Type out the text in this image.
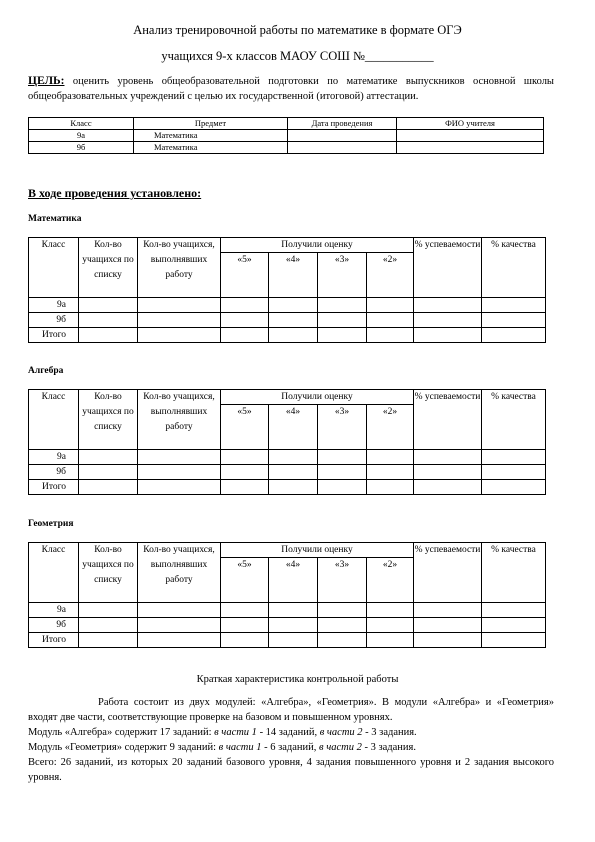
Анализ тренировочной работы по математике в формате ОГЭ
учащихся 9-х классов МАОУ СОШ №___________
ЦЕЛЬ: оценить уровень общеобразовательной подготовки по математике выпускников основной школы общеобразовательных учреждений с целью их государственной (итоговой) аттестации.
Класс	Предмет	Дата проведения	ФИО учителя
9а	Математика		
9б	Математика		
В ходе проведения установлено:
Математика
Класс	Кол-во учащихся по списку	Кол-во учащихся, выполнявших работу	Получили оценку				% успеваемости	% качества
			«5»	«4»	«3»	«2»		
9а								
9б								
Итого								
Алгебра
Класс	Кол-во учащихся по списку	Кол-во учащихся, выполнявших работу	Получили оценку				% успеваемости	% качества
			«5»	«4»	«3»	«2»		
9а								
9б								
Итого								
Геометрия
Класс	Кол-во учащихся по списку	Кол-во учащихся, выполнявших работу	Получили оценку				% успеваемости	% качества
			«5»	«4»	«3»	«2»		
9а								
9б								
Итого								
Краткая характеристика контрольной работы
Работа состоит из двух модулей: «Алгебра», «Геометрия». В модули «Алгебра» и «Геометрия» входят две части, соответствующие проверке на базовом и повышенном уровнях.
Модуль «Алгебра» содержит 17 заданий: в части 1 - 14 заданий, в части 2 - 3 задания.
Модуль «Геометрия» содержит 9 заданий: в части 1 - 6 заданий, в части 2 - 3 задания.
Всего: 26 заданий, из которых 20 заданий базового уровня, 4 задания повышенного уровня и 2 задания высокого уровня.
